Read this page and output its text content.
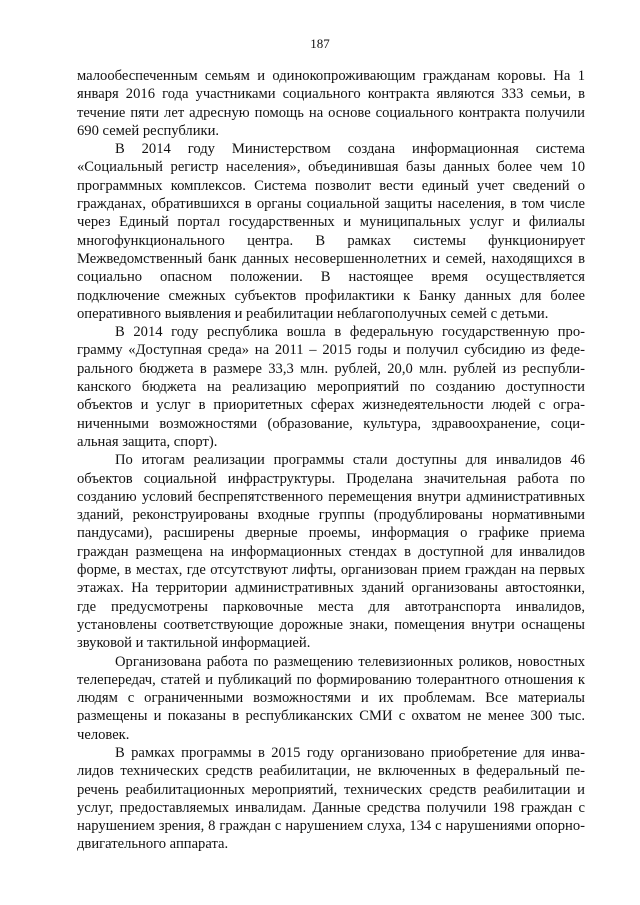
187

малообеспеченным семьям и одинокопроживающим гражданам коровы. На 1 января 2016 года участниками социального контракта являются 333 семьи, в течение пяти лет адресную помощь на основе социального контракта получили 690 семей республики.

В 2014 году Министерством создана информационная система «Социальный регистр населения», объединившая базы данных более чем 10 программных комплексов. Система позволит вести единый учет сведений о гражданах, обратившихся в органы социальной защиты населения, в том числе через Единый портал государственных и муниципальных услуг и филиалы многофункционального центра. В рамках системы функционирует Межведомственный банк данных несовершеннолетних и семей, находящихся в социально опасном положении. В настоящее время осуществляется подключение смежных субъектов профилактики к Банку данных для более оперативного выявления и реабилитации неблагополучных семей с детьми.

В 2014 году республика вошла в федеральную государственную программу «Доступная среда» на 2011 – 2015 годы и получил субсидию из федерального бюджета в размере 33,3 млн. рублей, 20,0 млн. рублей из республиканского бюджета на реализацию мероприятий по созданию доступности объектов и услуг в приоритетных сферах жизнедеятельности людей с ограниченными возможностями (образование, культура, здравоохранение, социальная защита, спорт).

По итогам реализации программы стали доступны для инвалидов 46 объектов социальной инфраструктуры. Проделана значительная работа по созданию условий беспрепятственного перемещения внутри административных зданий, реконструированы входные группы (продублированы нормативными пандусами), расширены дверные проемы, информация о графике приема граждан размещена на информационных стендах в доступной для инвалидов форме, в местах, где отсутствуют лифты, организован прием граждан на первых этажах. На территории административных зданий организованы автостоянки, где предусмотрены парковочные места для автотранспорта инвалидов, установлены соответствующие дорожные знаки, помещения внутри оснащены звуковой и тактильной информацией.

Организована работа по размещению телевизионных роликов, новостных телепередач, статей и публикаций по формированию толерантного отношения к людям с ограниченными возможностями и их проблемам. Все материалы размещены и показаны в республиканских СМИ с охватом не менее 300 тыс. человек.

В рамках программы в 2015 году организовано приобретение для инвалидов технических средств реабилитации, не включенных в федеральный перечень реабилитационных мероприятий, технических средств реабилитации и услуг, предоставляемых инвалидам. Данные средства получили 198 граждан с нарушением зрения, 8 граждан с нарушением слуха, 134 с нарушениями опорно-двигательного аппарата.
